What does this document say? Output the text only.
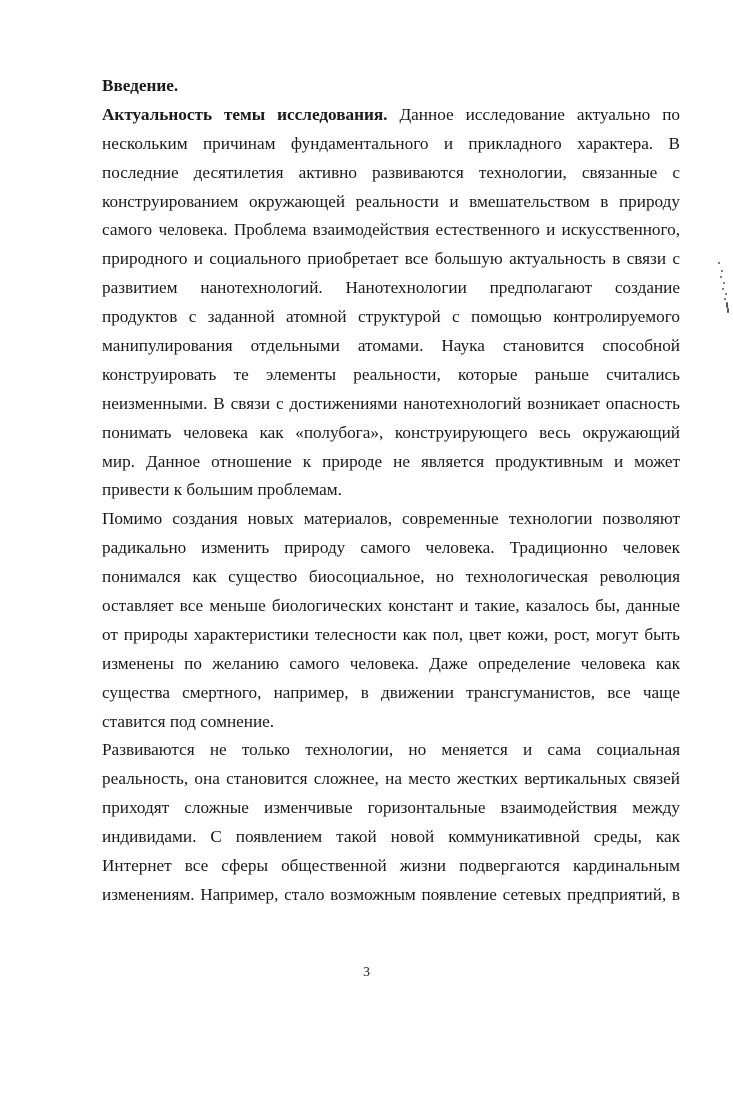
Введение.
Актуальность темы исследования. Данное исследование актуально по
нескольким причинам фундаментального и прикладного характера. В
последние десятилетия активно развиваются технологии, связанные с
конструированием окружающей реальности и вмешательством в природу
самого человека. Проблема взаимодействия естественного и искусственного,
природного и социального приобретает все большую актуальность в связи с
развитием нанотехнологий. Нанотехнологии предполагают создание
продуктов с заданной атомной структурой с помощью контролируемого
манипулирования отдельными атомами. Наука становится способной
конструировать те элементы реальности, которые раньше считались
неизменными. В связи с достижениями нанотехнологий возникает опасность
понимать человека как «полубога», конструирующего весь окружающий
мир. Данное отношение к природе не является продуктивным и может
привести к большим проблемам.
Помимо создания новых материалов, современные технологии позволяют
радикально изменить природу самого человека. Традиционно человек
понимался как существо биосоциальное, но технологическая революция
оставляет все меньше биологических констант и такие, казалось бы, данные
от природы характеристики телесности как пол, цвет кожи, рост, могут быть
изменены по желанию самого человека. Даже определение человека как
существа смертного, например, в движении трансгуманистов, все чаще
ставится под сомнение.
Развиваются не только технологии, но меняется и сама социальная
реальность, она становится сложнее, на место жестких вертикальных связей
приходят сложные изменчивые горизонтальные взаимодействия между
индивидами. С появлением такой новой коммуникативной среды, как
Интернет все сферы общественной жизни подвергаются кардинальным
изменениям. Например, стало возможным появление сетевых предприятий, в
3
